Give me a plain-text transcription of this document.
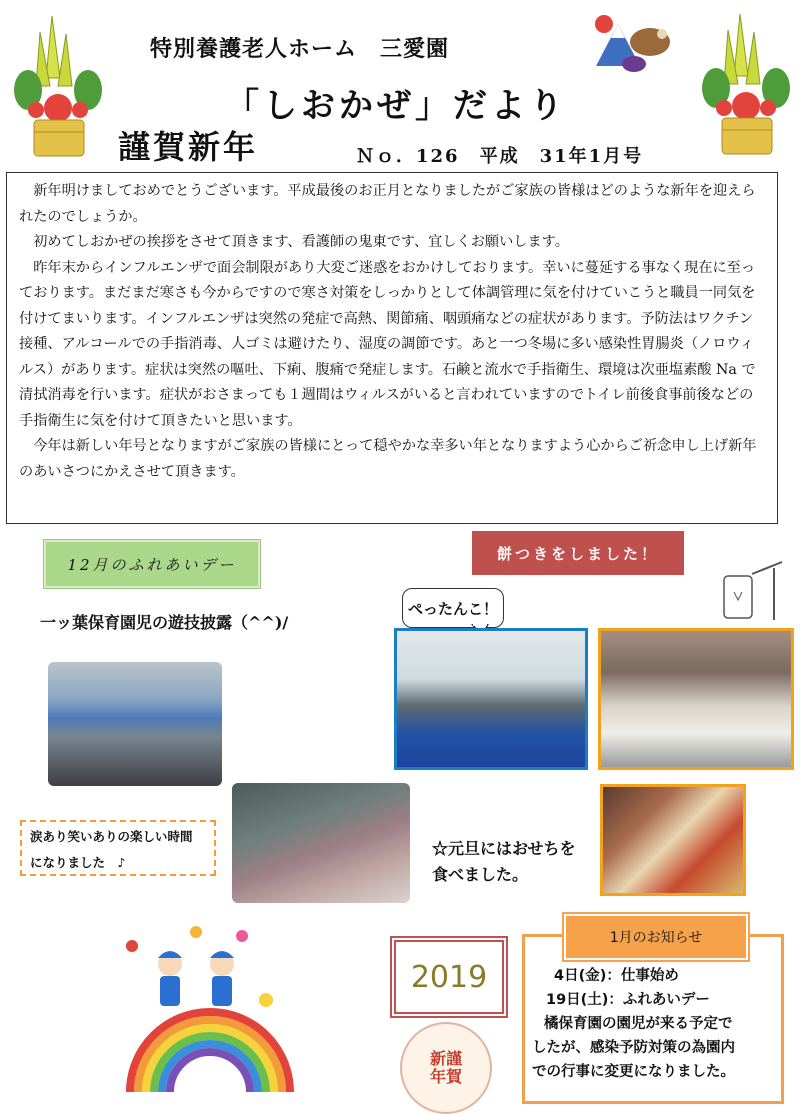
特別養護老人ホーム　三愛園
「しおかぜ」だより
謹賀新年	Ｎｏ．126　平成　31年1月号

新年明けましておめでとうございます。平成最後のお正月となりましたがご家族の皆様はどのような新年を迎えられたのでしょうか。

初めてしおかぜの挨拶をさせて頂きます、看護師の鬼東です、宜しくお願いします。

昨年末からインフルエンザで面会制限があり大変ご迷惑をおかけしております。幸いに蔓延する事なく現在に至っております。まだまだ寒さも今からですので寒さ対策をしっかりとして体調管理に気を付けていこうと職員一同気を付けてまいります。インフルエンザは突然の発症で高熱、関節痛、咽頭痛などの症状があります。予防法はワクチン接種、アルコールでの手指消毒、人ゴミは避けたり、湿度の調節です。あと一つ冬場に多い感染性胃腸炎（ノロウィルス）があります。症状は突然の嘔吐、下痢、腹痛で発症します。石鹸と流水で手指衛生、環境は次亜塩素酸 Na で清拭消毒を行います。症状がおさまっても１週間はウィルスがいると言われていますのでトイレ前後食事前後などの手指衛生に気を付けて頂きたいと思います。

今年は新しい年号となりますがご家族の皆様にとって穏やかな幸多い年となりますよう心からご祈念申し上げ新年のあいさつにかえさせて頂きます。

12月のふれあいデー
餅つきをしました！
一ッ葉保育園児の遊技披露（^^)/
ぺったんこ！
涙あり笑いありの楽しい時間
になりました　♪
☆元旦にはおせちを
食べました。
2019
新謹
年賀
1月のお知らせ
4日(金)：仕事始め
19日(土)：ふれあいデー
橘保育園の園児が来る予定で
したが、感染予防対策の為園内
での行事に変更になりました。
